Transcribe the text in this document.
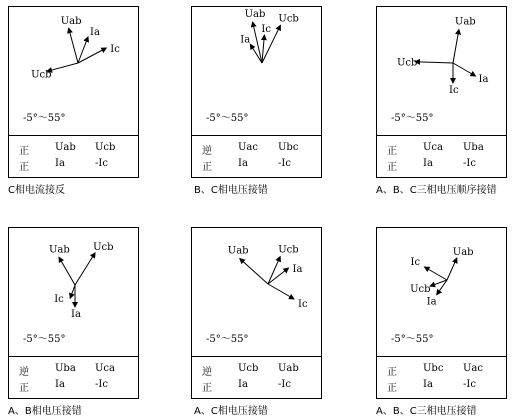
Uab
Ia
Ic
Ucb
-5°～55°
正	Uab Ucb
正	Ia	-Ic
C相电流接反
Uab
Ic
Ucb
Ia
-5°～55°
逆	Uac Ubc
正	Ia	-Ic
B、C相电压接错
Uab
Ia
Ic
Ucb
-5°～55°
正	Uca Uba
正	Ia	-Ic
A、B、C三相电压顺序接错
Uab Ucb
Ic
Ia
-5°～55°
逆	Uba Uca
正	Ia	-Ic
A、B相电压接错
Uab	Ucb
Ia
Ic
-5°～55°
逆	Ucb Uab
正	Ia	-Ic
A、C相电压接错
Uab
Ic
Ucb
Ia
-5°～55°
正	Ubc Uac
正	Ia	-Ic
A、B、C三相电压接错
